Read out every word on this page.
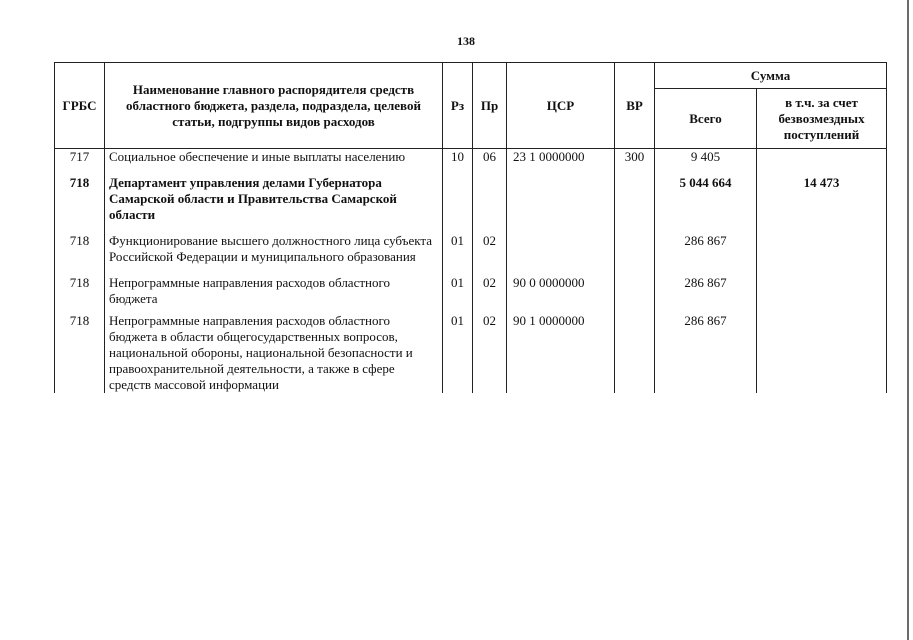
138
ГРБС	Наименование главного распорядителя средств областного бюджета, раздела, подраздела, целевой статьи, подгруппы видов расходов	Рз	Пр	ЦСР	ВР	Сумма	
						Всего	в т.ч. за счет безвозмездных поступлений
717	Социальное обеспечение и иные выплаты населению	10	06	23 1 0000000	300	9 405	

718	Департамент управления делами Губернатора Самарской области и Правительства Самарской области					5 044 664	14 473

718	Функционирование высшего должностного лица субъекта Российской Федерации и муниципального образования	01	02			286 867	

718	Непрограммные направления расходов областного бюджета	01	02	90 0 0000000		286 867	

718	Непрограммные направления расходов областного бюджета в области общегосударственных вопросов, национальной обороны, национальной безопасности и правоохранительной деятельности, а также в сфере средств массовой информации	01	02	90 1 0000000		286 867	
